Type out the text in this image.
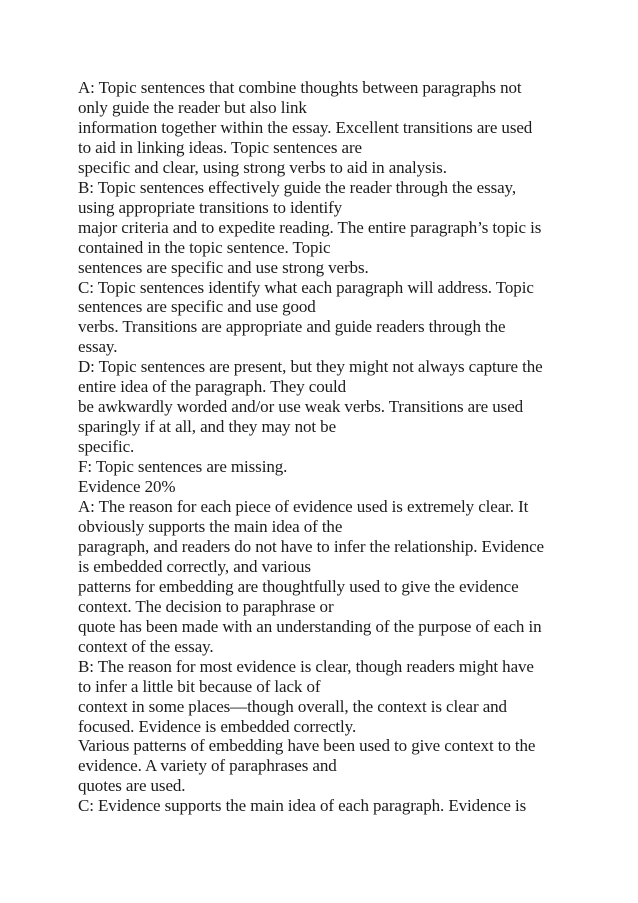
A: Topic sentences that combine thoughts between paragraphs not
only guide the reader but also link
information together within the essay. Excellent transitions are used
to aid in linking ideas. Topic sentences are
specific and clear, using strong verbs to aid in analysis.
B: Topic sentences effectively guide the reader through the essay,
using appropriate transitions to identify
major criteria and to expedite reading. The entire paragraph’s topic is
contained in the topic sentence. Topic
sentences are specific and use strong verbs.
C: Topic sentences identify what each paragraph will address. Topic
sentences are specific and use good
verbs. Transitions are appropriate and guide readers through the
essay.
D: Topic sentences are present, but they might not always capture the
entire idea of the paragraph. They could
be awkwardly worded and/or use weak verbs. Transitions are used
sparingly if at all, and they may not be
specific.
F: Topic sentences are missing.
Evidence 20%
A: The reason for each piece of evidence used is extremely clear. It
obviously supports the main idea of the
paragraph, and readers do not have to infer the relationship. Evidence
is embedded correctly, and various
patterns for embedding are thoughtfully used to give the evidence
context. The decision to paraphrase or
quote has been made with an understanding of the purpose of each in
context of the essay.
B: The reason for most evidence is clear, though readers might have
to infer a little bit because of lack of
context in some places—though overall, the context is clear and
focused. Evidence is embedded correctly.
Various patterns of embedding have been used to give context to the
evidence. A variety of paraphrases and
quotes are used.
C: Evidence supports the main idea of each paragraph. Evidence is
